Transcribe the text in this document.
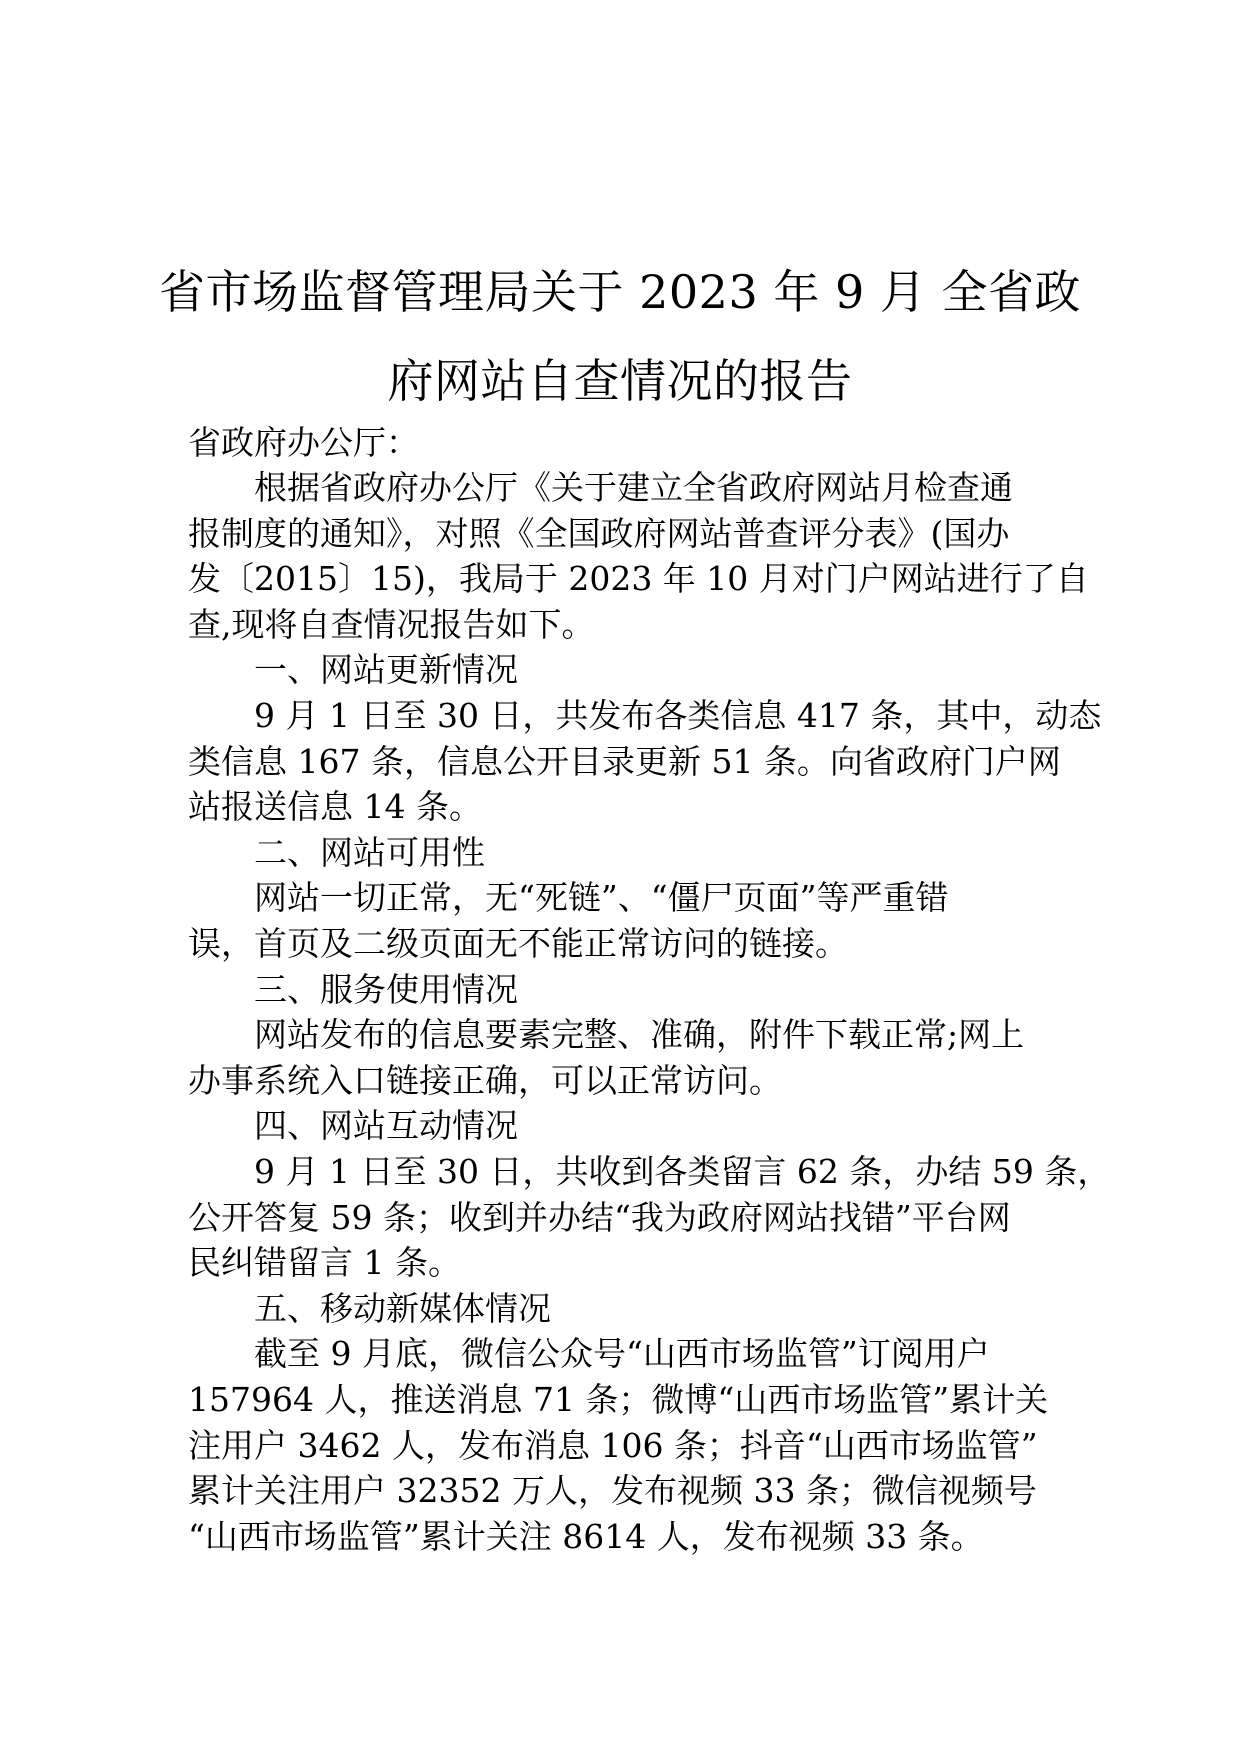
省市场监督管理局关于 2023 年 9 月 全省政
府网站自查情况的报告
省政府办公厅：
根据省政府办公厅《关于建立全省政府网站月检查通
报制度的通知》，对照《全国政府网站普查评分表》(国办
发〔2015〕15)，我局于 2023 年 10 月对门户网站进行了自
查,现将自查情况报告如下。
一、网站更新情况
9 月 1 日至 30 日，共发布各类信息 417 条，其中，动态
类信息 167 条，信息公开目录更新 51 条。向省政府门户网
站报送信息 14 条。
二、网站可用性
网站一切正常，无“死链”、“僵尸页面”等严重错
误，首页及二级页面无不能正常访问的链接。
三、服务使用情况
网站发布的信息要素完整、准确，附件下载正常;网上
办事系统入口链接正确，可以正常访问。
四、网站互动情况
9 月 1 日至 30 日，共收到各类留言 62 条，办结 59 条，
公开答复 59 条；收到并办结“我为政府网站找错”平台网
民纠错留言 1 条。
五、移动新媒体情况
截至 9 月底，微信公众号“山西市场监管”订阅用户
157964 人，推送消息 71 条；微博“山西市场监管”累计关
注用户 3462 人，发布消息 106 条；抖音“山西市场监管”
累计关注用户 32352 万人，发布视频 33 条；微信视频号
“山西市场监管”累计关注 8614 人，发布视频 33 条。
